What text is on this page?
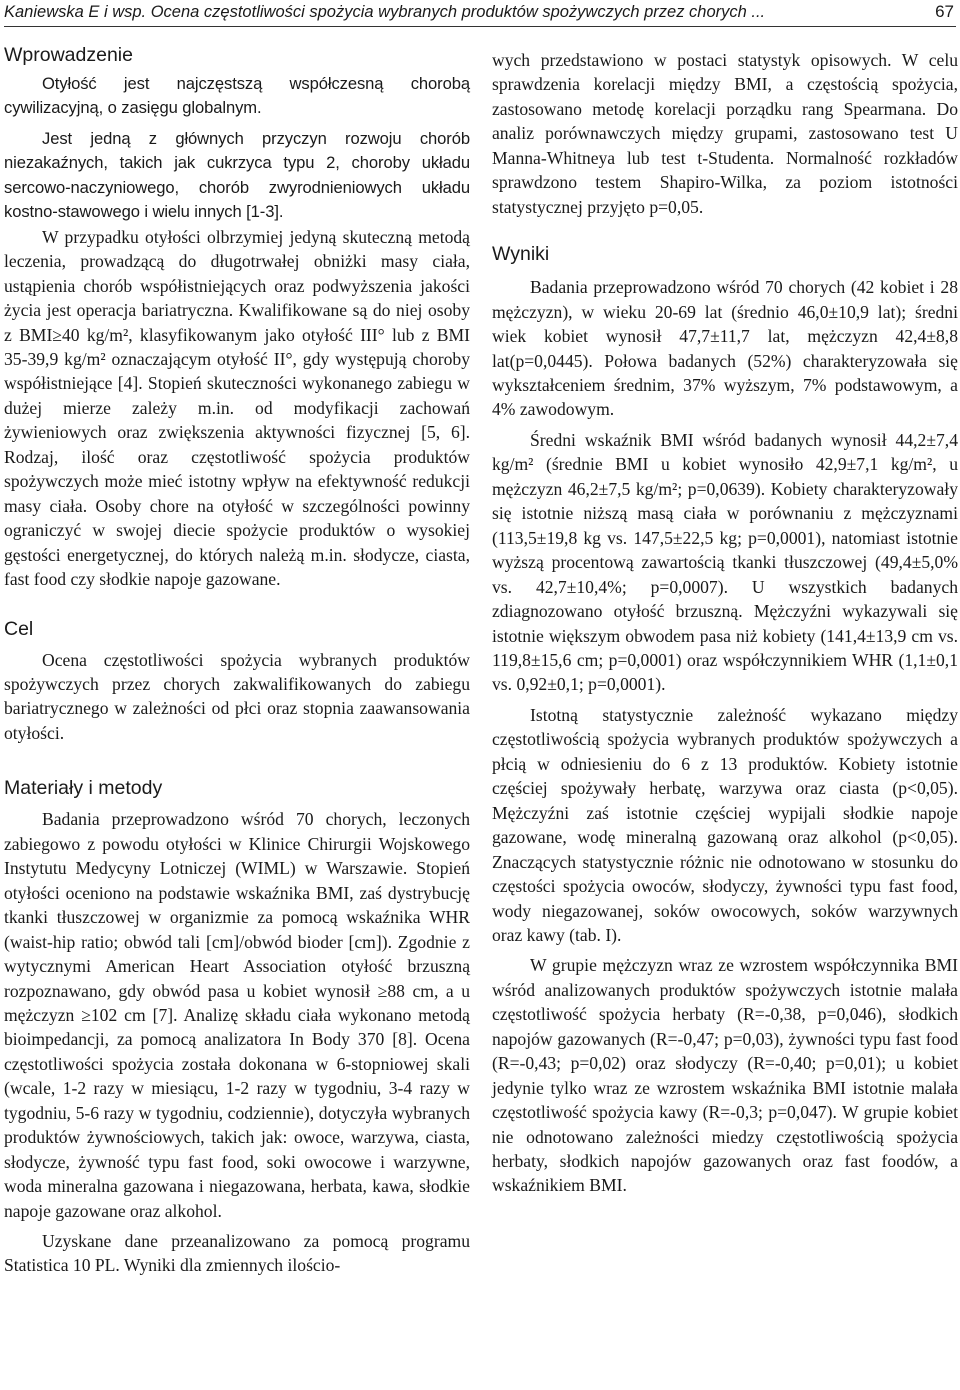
Kaniewska E i wsp. Ocena częstotliwości spożycia wybranych produktów spożywczych przez chorych ...	67
Wprowadzenie

Otyłość jest najczęstszą współczesną chorobą cywilizacyjną, o zasięgu globalnym.

Jest jedną z głównych przyczyn rozwoju chorób niezakaźnych, takich jak cukrzyca typu 2, choroby układu sercowo-naczyniowego, chorób zwyrodnieniowych układu kostno-stawowego i wielu innych [1-3].

W przypadku otyłości olbrzymiej jedyną skuteczną metodą leczenia, prowadzącą do długotrwałej obniżki masy ciała, ustąpienia chorób współistniejących oraz podwyższenia jakości życia jest operacja bariatryczna. Kwalifikowane są do niej osoby z BMI≥40 kg/m², klasyfikowanym jako otyłość III° lub z BMI 35-39,9 kg/m² oznaczającym otyłość II°, gdy występują choroby współistniejące [4]. Stopień skuteczności wykonanego zabiegu w dużej mierze zależy m.in. od modyfikacji zachowań żywieniowych oraz zwiększenia aktywności fizycznej [5, 6]. Rodzaj, ilość oraz częstotliwość spożycia produktów spożywczych może mieć istotny wpływ na efektywność redukcji masy ciała. Osoby chore na otyłość w szczególności powinny ograniczyć w swojej diecie spożycie produktów o wysokiej gęstości energetycznej, do których należą m.in. słodycze, ciasta, fast food czy słodkie napoje gazowane.

Cel

Ocena częstotliwości spożycia wybranych produktów spożywczych przez chorych zakwalifikowanych do zabiegu bariatrycznego w zależności od płci oraz stopnia zaawansowania otyłości.

Materiały i metody

Badania przeprowadzono wśród 70 chorych, leczonych zabiegowo z powodu otyłości w Klinice Chirurgii Wojskowego Instytutu Medycyny Lotniczej (WIML) w Warszawie. Stopień otyłości oceniono na podstawie wskaźnika BMI, zaś dystrybucję tkanki tłuszczowej w organizmie za pomocą wskaźnika WHR (waist-hip ratio; obwód tali [cm]/obwód bioder [cm]). Zgodnie z wytycznymi American Heart Association otyłość brzuszną rozpoznawano, gdy obwód pasa u kobiet wynosił ≥88 cm, a u mężczyzn ≥102 cm [7]. Analizę składu ciała wykonano metodą bioimpedancji, za pomocą analizatora In Body 370 [8]. Ocena częstotliwości spożycia została dokonana w 6-stopniowej skali (wcale, 1-2 razy w miesiącu, 1-2 razy w tygodniu, 3-4 razy w tygodniu, 5-6 razy w tygodniu, codziennie), dotyczyła wybranych produktów żywnościowych, takich jak: owoce, warzywa, ciasta, słodycze, żywność typu fast food, soki owocowe i warzywne, woda mineralna gazowana i niegazowana, herbata, kawa, słodkie napoje gazowane oraz alkohol.

Uzyskane dane przeanalizowano za pomocą programu Statistica 10 PL. Wyniki dla zmiennych ilościo-

wych przedstawiono w postaci statystyk opisowych. W celu sprawdzenia korelacji między BMI, a częstością spożycia, zastosowano metodę korelacji porządku rang Spearmana. Do analiz porównawczych między grupami, zastosowano test U Manna-Whitneya lub test t-Studenta. Normalność rozkładów sprawdzono testem Shapiro-Wilka, za poziom istotności statystycznej przyjęto p=0,05.

Wyniki

Badania przeprowadzono wśród 70 chorych (42 kobiet i 28 mężczyzn), w wieku 20-69 lat (średnio 46,0±10,9 lat); średni wiek kobiet wynosił 47,7±11,7 lat, mężczyzn 42,4±8,8 lat(p=0,0445). Połowa badanych (52%) charakteryzowała się wykształceniem średnim, 37% wyższym, 7% podstawowym, a 4% zawodowym.

Średni wskaźnik BMI wśród badanych wynosił 44,2±7,4 kg/m² (średnie BMI u kobiet wynosiło 42,9±7,1 kg/m², u mężczyzn 46,2±7,5 kg/m²; p=0,0639). Kobiety charakteryzowały się istotnie niższą masą ciała w porównaniu z mężczyznami (113,5±19,8 kg vs. 147,5±22,5 kg; p=0,0001), natomiast istotnie wyższą procentową zawartością tkanki tłuszczowej (49,4±5,0% vs. 42,7±10,4%; p=0,0007). U wszystkich badanych zdiagnozowano otyłość brzuszną. Mężczyźni wykazywali się istotnie większym obwodem pasa niż kobiety (141,4±13,9 cm vs. 119,8±15,6 cm; p=0,0001) oraz współczynnikiem WHR (1,1±0,1 vs. 0,92±0,1; p=0,0001).

Istotną statystycznie zależność wykazano między częstotliwością spożycia wybranych produktów spożywczych a płcią w odniesieniu do 6 z 13 produktów. Kobiety istotnie częściej spożywały herbatę, warzywa oraz ciasta (p<0,05). Mężczyźni zaś istotnie częściej wypijali słodkie napoje gazowane, wodę mineralną gazowaną oraz alkohol (p<0,05). Znaczących statystycznie różnic nie odnotowano w stosunku do częstości spożycia owoców, słodyczy, żywności typu fast food, wody niegazowanej, soków owocowych, soków warzywnych oraz kawy (tab. I).

W grupie mężczyzn wraz ze wzrostem współczynnika BMI wśród analizowanych produktów spożywczych istotnie malała częstotliwość spożycia herbaty (R=-0,38, p=0,046), słodkich napojów gazowanych (R=-0,47; p=0,03), żywności typu fast food (R=-0,43; p=0,02) oraz słodyczy (R=-0,40; p=0,01); u kobiet jedynie tylko wraz ze wzrostem wskaźnika BMI istotnie malała częstotliwość spożycia kawy (R=-0,3; p=0,047). W grupie kobiet nie odnotowano zależności miedzy częstotliwością spożycia herbaty, słodkich napojów gazowanych oraz fast foodów, a wskaźnikiem BMI.
